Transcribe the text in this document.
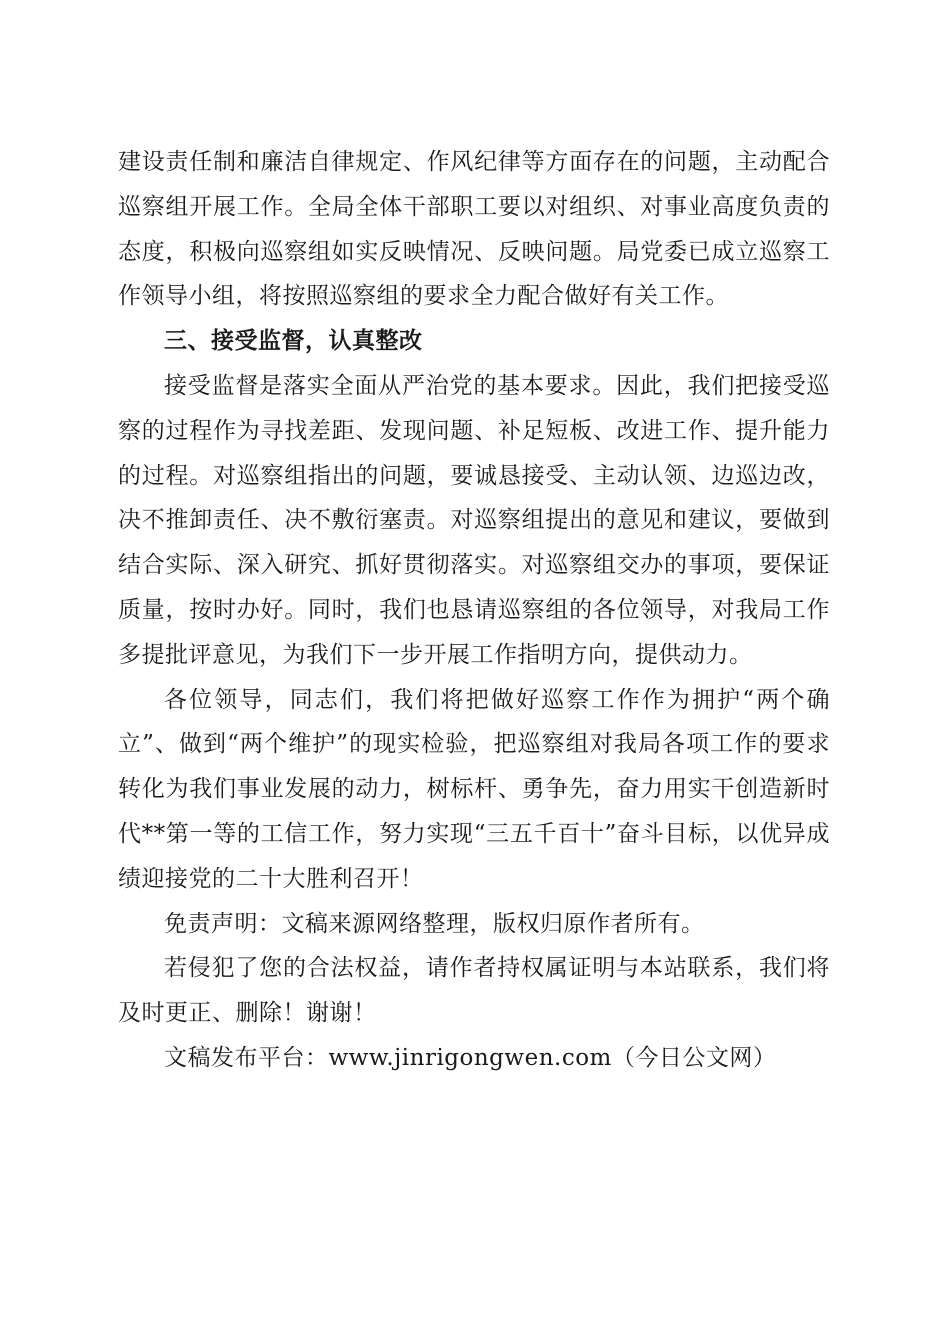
建设责任制和廉洁自律规定、作风纪律等方面存在的问题，主动配合巡察组开展工作。全局全体干部职工要以对组织、对事业高度负责的态度，积极向巡察组如实反映情况、反映问题。局党委已成立巡察工作领导小组，将按照巡察组的要求全力配合做好有关工作。

三、接受监督，认真整改

接受监督是落实全面从严治党的基本要求。因此，我们把接受巡察的过程作为寻找差距、发现问题、补足短板、改进工作、提升能力的过程。对巡察组指出的问题，要诚恳接受、主动认领、边巡边改，决不推卸责任、决不敷衍塞责。对巡察组提出的意见和建议，要做到结合实际、深入研究、抓好贯彻落实。对巡察组交办的事项，要保证质量，按时办好。同时，我们也恳请巡察组的各位领导，对我局工作多提批评意见，为我们下一步开展工作指明方向，提供动力。

各位领导，同志们，我们将把做好巡察工作作为拥护“两个确立”、做到“两个维护”的现实检验，把巡察组对我局各项工作的要求转化为我们事业发展的动力，树标杆、勇争先，奋力用实干创造新时代**第一等的工信工作，努力实现“三五千百十”奋斗目标，以优异成绩迎接党的二十大胜利召开！

免责声明：文稿来源网络整理，版权归原作者所有。

若侵犯了您的合法权益，请作者持权属证明与本站联系，我们将及时更正、删除！谢谢！

文稿发布平台：www.jinrigongwen.com（今日公文网）
